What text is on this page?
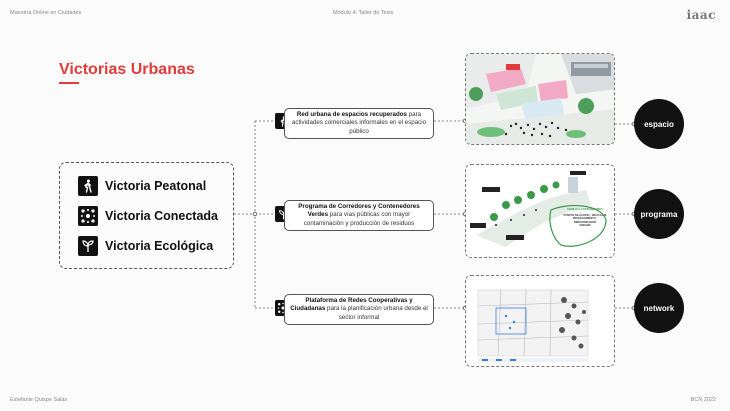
Maestría Online en Ciudades	Módulo 4: Taller de Tesis	iaac
Victorias Urbanas
Victoria Peatonal
Victoria Conectada
Victoria Ecológica
Red urbana de espacios recuperados para actividades comerciales informales en el espacio público
Programa de Corredores y Contenedores Verdes para vías públicas con mayor contaminación y producción de residuos
Plataforma de Redes Cooperativas y Ciudadanas para la planificación urbana desde el sector informal
FAMILIA & CONTENEDORES
PUNTOS DE ACOPIO · RECICLAJE
PROCESAMIENTO · REDISTRIBUCIÓN
URBANO
espacio
programa
network
Estefanie Quispe Salas	BCN 2022
